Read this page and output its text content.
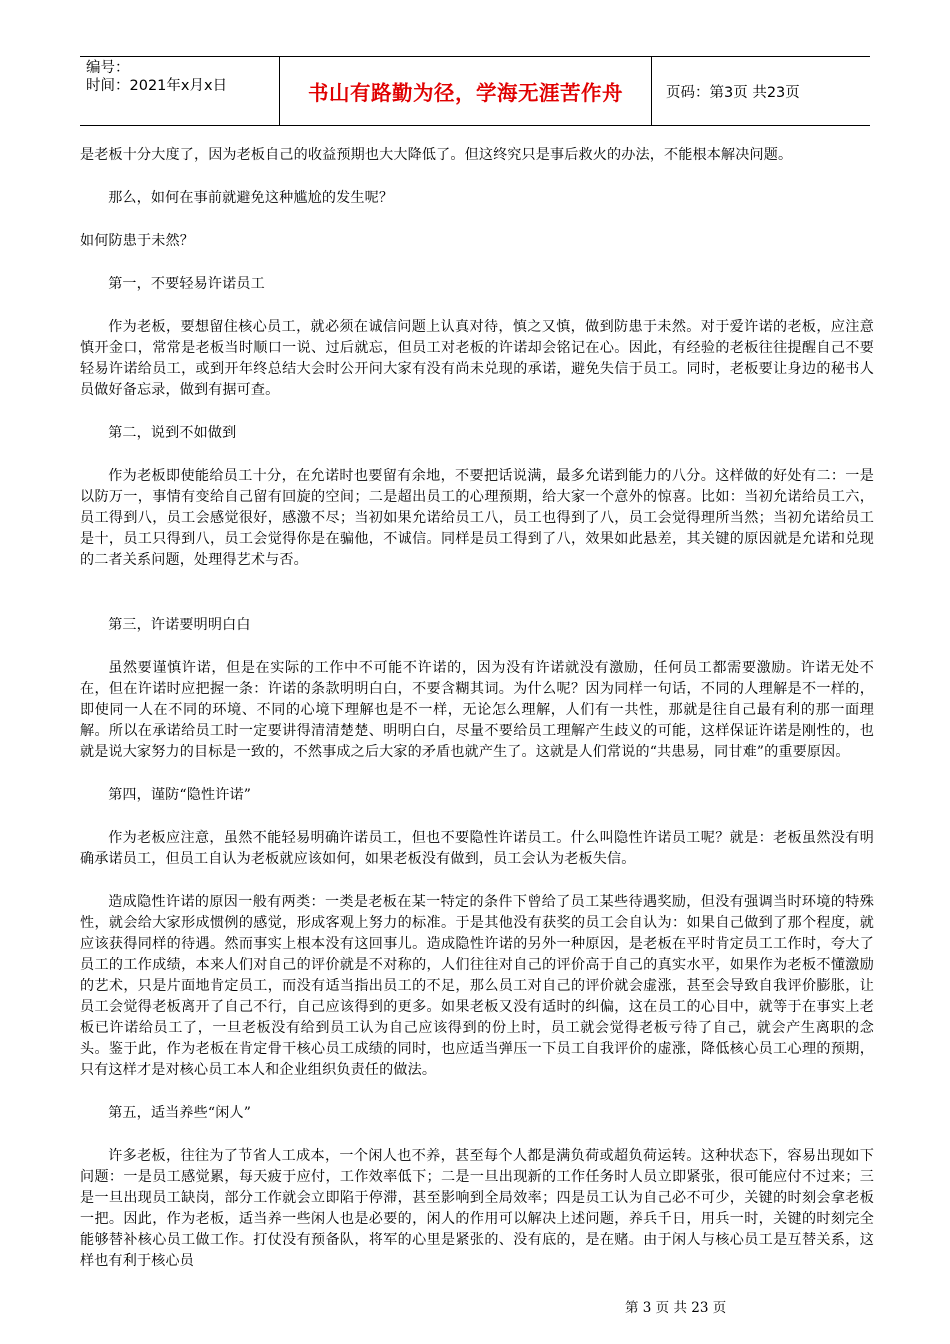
编号：
时间：2021年x月x日	书山有路勤为径，学海无涯苦作舟	页码：第3页 共23页

是老板十分大度了，因为老板自己的收益预期也大大降低了。但这终究只是事后救火的办法，不能根本解决问题。

那么，如何在事前就避免这种尴尬的发生呢？

如何防患于未然？

第一，不要轻易许诺员工

作为老板，要想留住核心员工，就必须在诚信问题上认真对待，慎之又慎，做到防患于未然。对于爱许诺的老板，应注意慎开金口，常常是老板当时顺口一说、过后就忘，但员工对老板的许诺却会铭记在心。因此，有经验的老板往往提醒自己不要轻易许诺给员工，或到开年终总结大会时公开问大家有没有尚未兑现的承诺，避免失信于员工。同时，老板要让身边的秘书人员做好备忘录，做到有据可查。

第二，说到不如做到

作为老板即使能给员工十分，在允诺时也要留有余地，不要把话说满，最多允诺到能力的八分。这样做的好处有二：一是以防万一，事情有变给自己留有回旋的空间；二是超出员工的心理预期，给大家一个意外的惊喜。比如：当初允诺给员工六，员工得到八，员工会感觉很好，感激不尽；当初如果允诺给员工八，员工也得到了八，员工会觉得理所当然；当初允诺给员工是十，员工只得到八，员工会觉得你是在骗他，不诚信。同样是员工得到了八，效果如此悬差，其关键的原因就是允诺和兑现的二者关系问题，处理得艺术与否。

第三，许诺要明明白白

虽然要谨慎许诺，但是在实际的工作中不可能不许诺的，因为没有许诺就没有激励，任何员工都需要激励。许诺无处不在，但在许诺时应把握一条：许诺的条款明明白白，不要含糊其词。为什么呢？因为同样一句话，不同的人理解是不一样的，即使同一人在不同的环境、不同的心境下理解也是不一样，无论怎么理解，人们有一共性，那就是往自己最有利的那一面理解。所以在承诺给员工时一定要讲得清清楚楚、明明白白，尽量不要给员工理解产生歧义的可能，这样保证许诺是刚性的，也就是说大家努力的目标是一致的，不然事成之后大家的矛盾也就产生了。这就是人们常说的“共患易，同甘难”的重要原因。

第四，谨防“隐性许诺”

作为老板应注意，虽然不能轻易明确许诺员工，但也不要隐性许诺员工。什么叫隐性许诺员工呢？就是：老板虽然没有明确承诺员工，但员工自认为老板就应该如何，如果老板没有做到，员工会认为老板失信。

造成隐性许诺的原因一般有两类：一类是老板在某一特定的条件下曾给了员工某些待遇奖励，但没有强调当时环境的特殊性，就会给大家形成惯例的感觉，形成客观上努力的标准。于是其他没有获奖的员工会自认为：如果自己做到了那个程度，就应该获得同样的待遇。然而事实上根本没有这回事儿。造成隐性许诺的另外一种原因，是老板在平时肯定员工工作时，夸大了员工的工作成绩，本来人们对自己的评价就是不对称的，人们往往对自己的评价高于自己的真实水平，如果作为老板不懂激励的艺术，只是片面地肯定员工，而没有适当指出员工的不足，那么员工对自己的评价就会虚涨，甚至会导致自我评价膨胀，让员工会觉得老板离开了自己不行，自己应该得到的更多。如果老板又没有适时的纠偏，这在员工的心目中，就等于在事实上老板已许诺给员工了，一旦老板没有给到员工认为自己应该得到的份上时，员工就会觉得老板亏待了自己，就会产生离职的念头。鉴于此，作为老板在肯定骨干核心员工成绩的同时，也应适当弹压一下员工自我评价的虚涨，降低核心员工心理的预期，只有这样才是对核心员工本人和企业组织负责任的做法。

第五，适当养些“闲人”

许多老板，往往为了节省人工成本，一个闲人也不养，甚至每个人都是满负荷或超负荷运转。这种状态下，容易出现如下问题：一是员工感觉累，每天疲于应付，工作效率低下；二是一旦出现新的工作任务时人员立即紧张，很可能应付不过来；三是一旦出现员工缺岗，部分工作就会立即陷于停滞，甚至影响到全局效率；四是员工认为自己必不可少，关键的时刻会拿老板一把。因此，作为老板，适当养一些闲人也是必要的，闲人的作用可以解决上述问题，养兵千日，用兵一时，关键的时刻完全能够替补核心员工做工作。打仗没有预备队，将军的心里是紧张的、没有底的，是在赌。由于闲人与核心员工是互替关系，这样也有利于核心员

第 3 页 共 23 页
